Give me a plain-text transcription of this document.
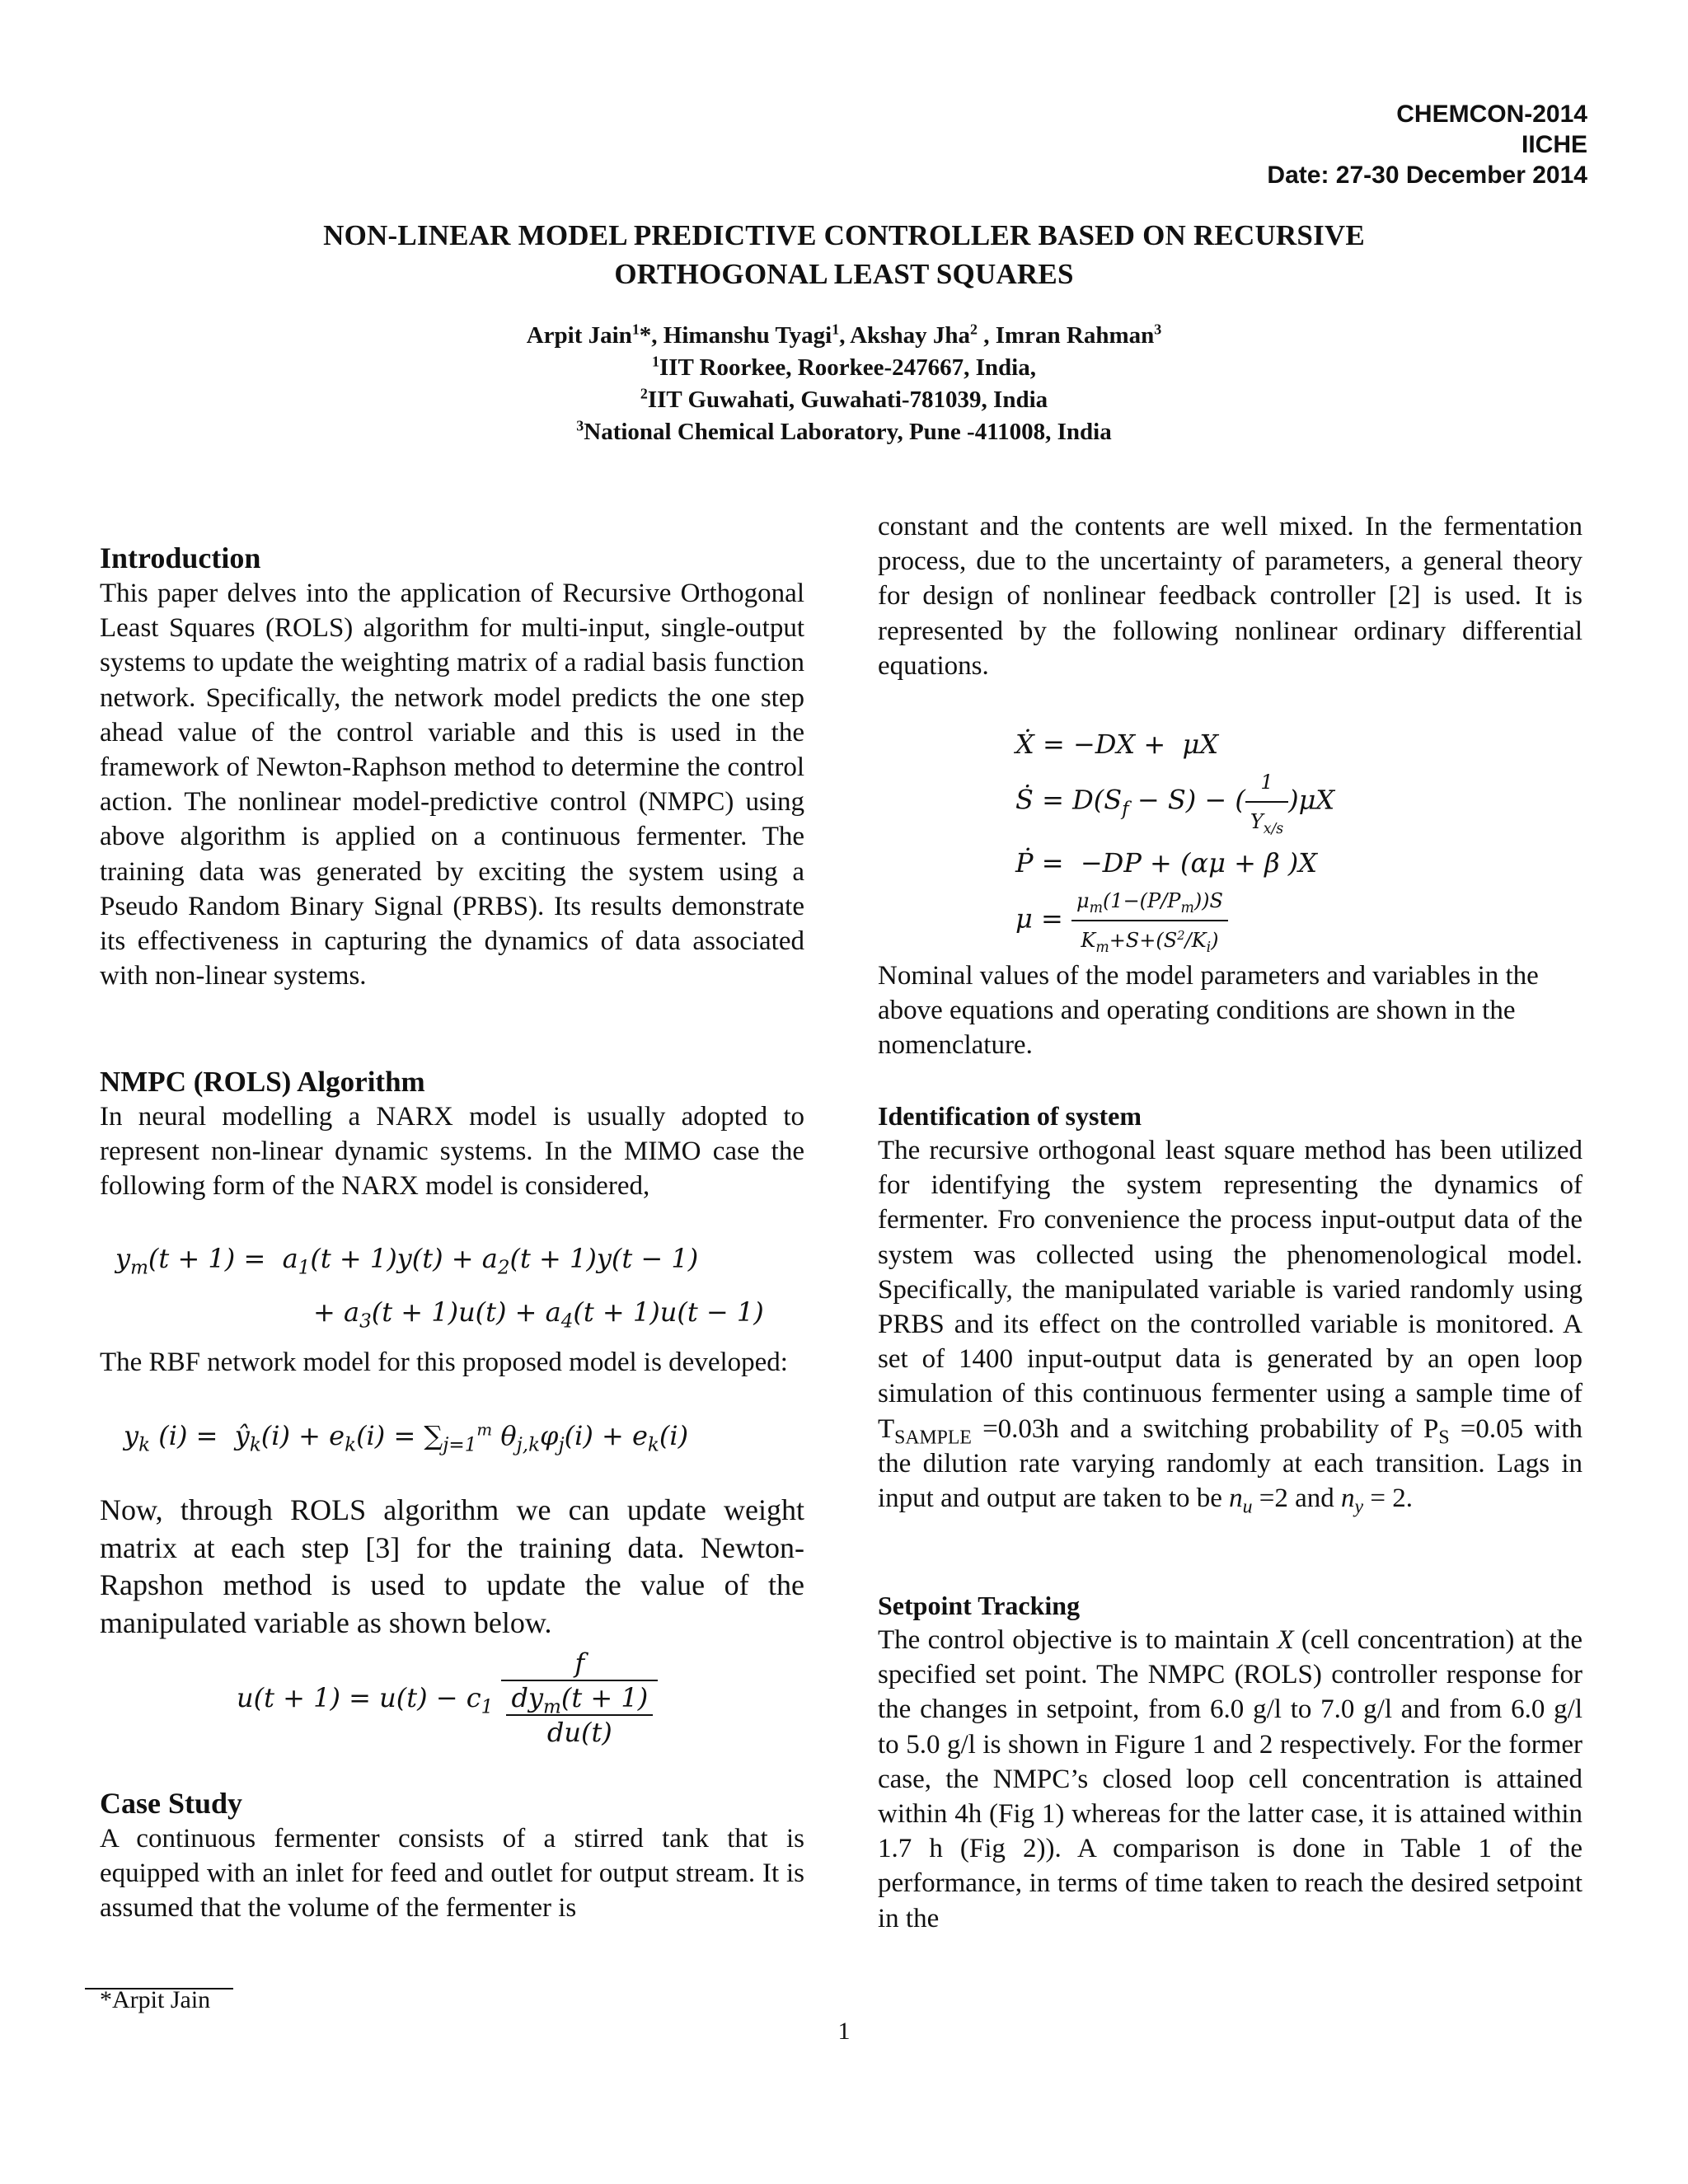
CHEMCON-2014
IICHE
Date: 27-30 December 2014
NON-LINEAR MODEL PREDICTIVE CONTROLLER BASED ON RECURSIVE
ORTHOGONAL LEAST SQUARES
Arpit Jain$^1$*, Himanshu Tyagi$^1$, Akshay Jha$^2$ , Imran Rahman$^3$
$^1$IIT Roorkee, Roorkee-247667, India,
$^2$IIT Guwahati, Guwahati-781039, India
$^3$National Chemical Laboratory, Pune -411008, India
Introduction

This paper delves into the application of Recursive Orthogonal Least Squares (ROLS) algorithm for multi-input, single-output systems to update the weighting matrix of a radial basis function network. Specifically, the network model predicts the one step ahead value of the control variable and this is used in the framework of Newton-Raphson method to determine the control action. The nonlinear model-predictive control (NMPC) using above algorithm is applied on a continuous fermenter. The training data was generated by exciting the system using a Pseudo Random Binary Signal (PRBS). Its results demonstrate its effectiveness in capturing the dynamics of data associated with non-linear systems.

NMPC (ROLS) Algorithm

In neural modelling a NARX model is usually adopted to represent non-linear dynamic systems. In the MIMO case the following form of the NARX model is considered,

$y_m(t + 1) = a_1(t + 1)y(t) + a_2(t + 1)y(t - 1)$
+ $a_3(t + 1)u(t) + a_4(t + 1)u(t - 1)$

The RBF network model for this proposed model is developed:

$y_k$ $(i) = ŷ_k(i) + e_k(i) = \sum_{j=1}^m$ $\theta_{j,k}\varphi_j(i) + e_k(i)$

Now, through ROLS algorithm we can update weight matrix at each step [3] for the training data. Newton-Rapshon method is used to update the value of the manipulated variable as shown below.

$u(t + 1) = u(t) - c_1 \frac{f}{\frac{dy_m(t + 1)}{du(t)}}$
Case Study

A continuous fermenter consists of a stirred tank that is equipped with an inlet for feed and outlet for output stream. It is assumed that the volume of the fermenter is

constant and the contents are well mixed. In the fermentation process, due to the uncertainty of parameters, a general theory for design of nonlinear feedback controller [2] is used. It is represented by the following nonlinear ordinary differential equations.

Ẋ = −DX +  μX
Ṡ = $D(S_f - S)$ − ( $\frac{1}{Y_{x/s}} )\mu X$
Ṗ =  −DP + (αμ + β )X
$\mu = \frac{\mu_m(1-(P/P_m))S}{K_m+S+(S^2/K_i)}$

Nominal values of the model parameters and variables in the above equations and operating conditions are shown in the nomenclature.

Identification of system

The recursive orthogonal least square method has been utilized for identifying the system representing the dynamics of fermenter. Fro convenience the process input-output data of the system was collected using the phenomenological model. Specifically, the manipulated variable is varied randomly using PRBS and its effect on the controlled variable is monitored. A set of 1400 input-output data is generated by an open loop simulation of this continuous fermenter using a sample time of $T_{SAMPLE} =0.03h$ and a switching probability of $P_S =0.05$ with the dilution rate varying randomly at each transition. Lags in input and output are taken to be $n_u =2$ and $n_y = 2$.

Setpoint Tracking

The control objective is to maintain X (cell concentration) at the specified set point. The NMPC (ROLS) controller response for the changes in setpoint, from 6.0 g/l to 7.0 g/l and from 6.0 g/l to 5.0 g/l is shown in Figure 1 and 2 respectively. For the former case, the NMPC’s closed loop cell concentration is attained within 4h (Fig 1) whereas for the latter case, it is attained within 1.7 h (Fig 2)). A comparison is done in Table 1 of the performance, in terms of time taken to reach the desired setpoint in the

*Arpit Jain
1
